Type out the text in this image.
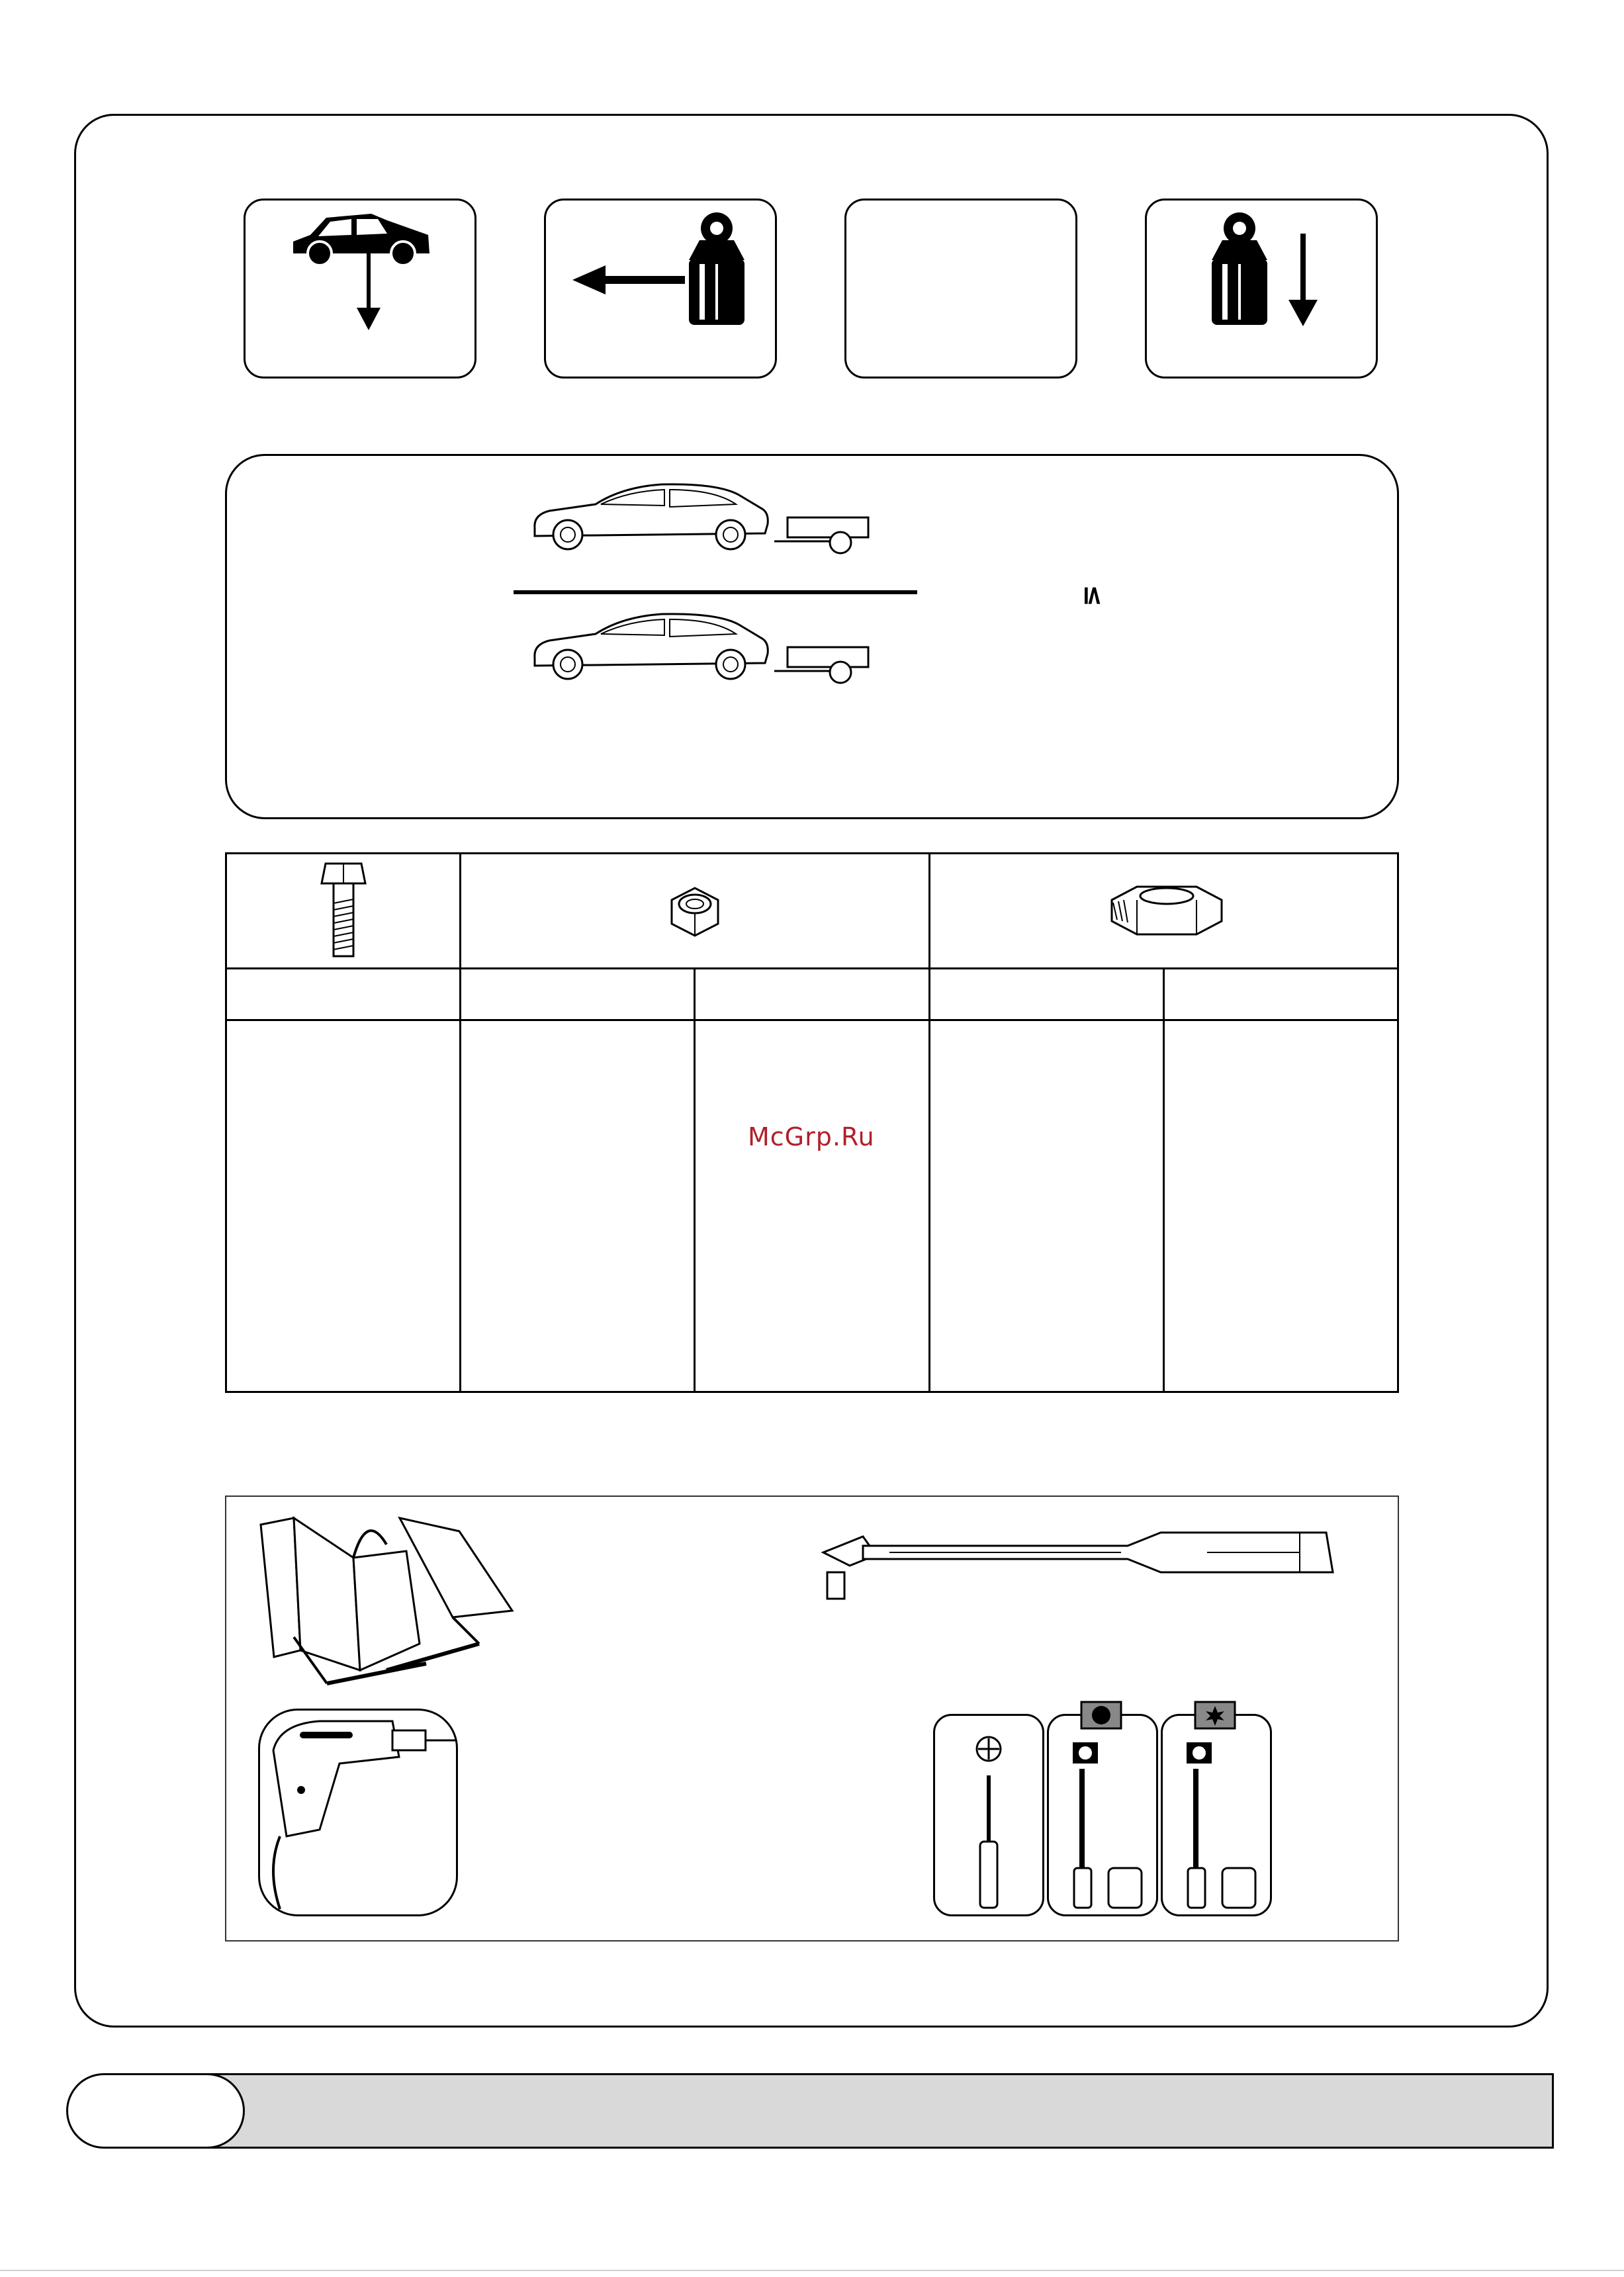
≤

McGrp.Ru
